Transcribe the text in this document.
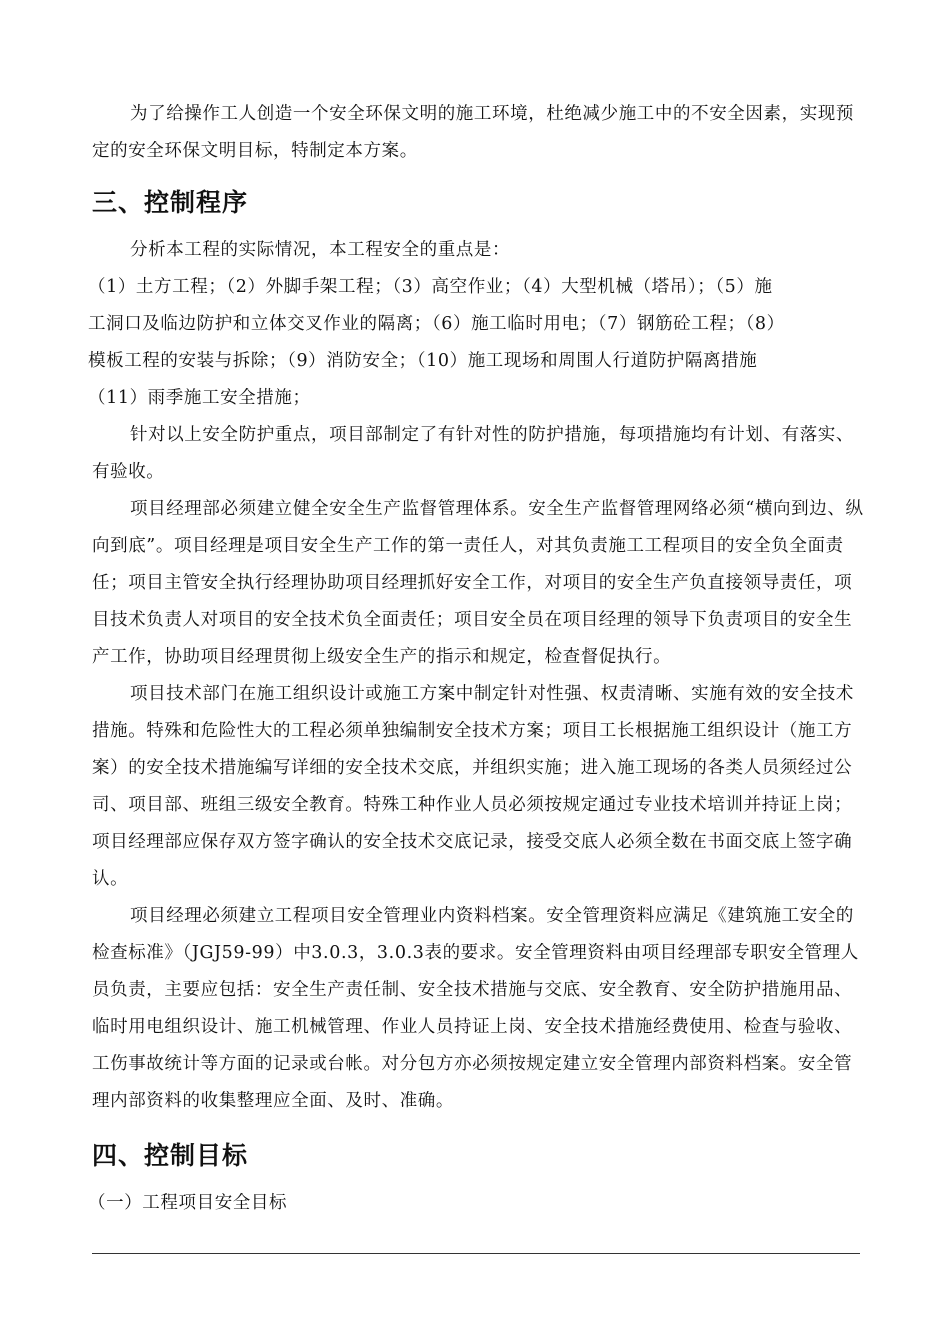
为了给操作工人创造一个安全环保文明的施工环境，杜绝减少施工中的不安全因素，实现预定的安全环保文明目标，特制定本方案。

三、控制程序

分析本工程的实际情况，本工程安全的重点是：

（1）土方工程；（2）外脚手架工程；（3）高空作业；（4）大型机械（塔吊）；（5）施
工洞口及临边防护和立体交叉作业的隔离；（6）施工临时用电；（7）钢筋砼工程；（8）
模板工程的安装与拆除；（9）消防安全；（10）施工现场和周围人行道防护隔离措施
（11）雨季施工安全措施；

针对以上安全防护重点，项目部制定了有针对性的防护措施，每项措施均有计划、有落实、有验收。

项目经理部必须建立健全安全生产监督管理体系。安全生产监督管理网络必须“横向到边、纵向到底”。项目经理是项目安全生产工作的第一责任人，对其负责施工工程项目的安全负全面责任；项目主管安全执行经理协助项目经理抓好安全工作，对项目的安全生产负直接领导责任，项目技术负责人对项目的安全技术负全面责任；项目安全员在项目经理的领导下负责项目的安全生产工作，协助项目经理贯彻上级安全生产的指示和规定，检查督促执行。

项目技术部门在施工组织设计或施工方案中制定针对性强、权责清晰、实施有效的安全技术措施。特殊和危险性大的工程必须单独编制安全技术方案；项目工长根据施工组织设计（施工方案）的安全技术措施编写详细的安全技术交底，并组织实施；进入施工现场的各类人员须经过公司、项目部、班组三级安全教育。特殊工种作业人员必须按规定通过专业技术培训并持证上岗；项目经理部应保存双方签字确认的安全技术交底记录，接受交底人必须全数在书面交底上签字确认。

项目经理必须建立工程项目安全管理业内资料档案。安全管理资料应满足《建筑施工安全的检查标准》（JGJ59-99）中3.0.3，3.0.3表的要求。安全管理资料由项目经理部专职安全管理人员负责，主要应包括：安全生产责任制、安全技术措施与交底、安全教育、安全防护措施用品、临时用电组织设计、施工机械管理、作业人员持证上岗、安全技术措施经费使用、检查与验收、工伤事故统计等方面的记录或台帐。对分包方亦必须按规定建立安全管理内部资料档案。安全管理内部资料的收集整理应全面、及时、准确。

四、控制目标

（一）工程项目安全目标
